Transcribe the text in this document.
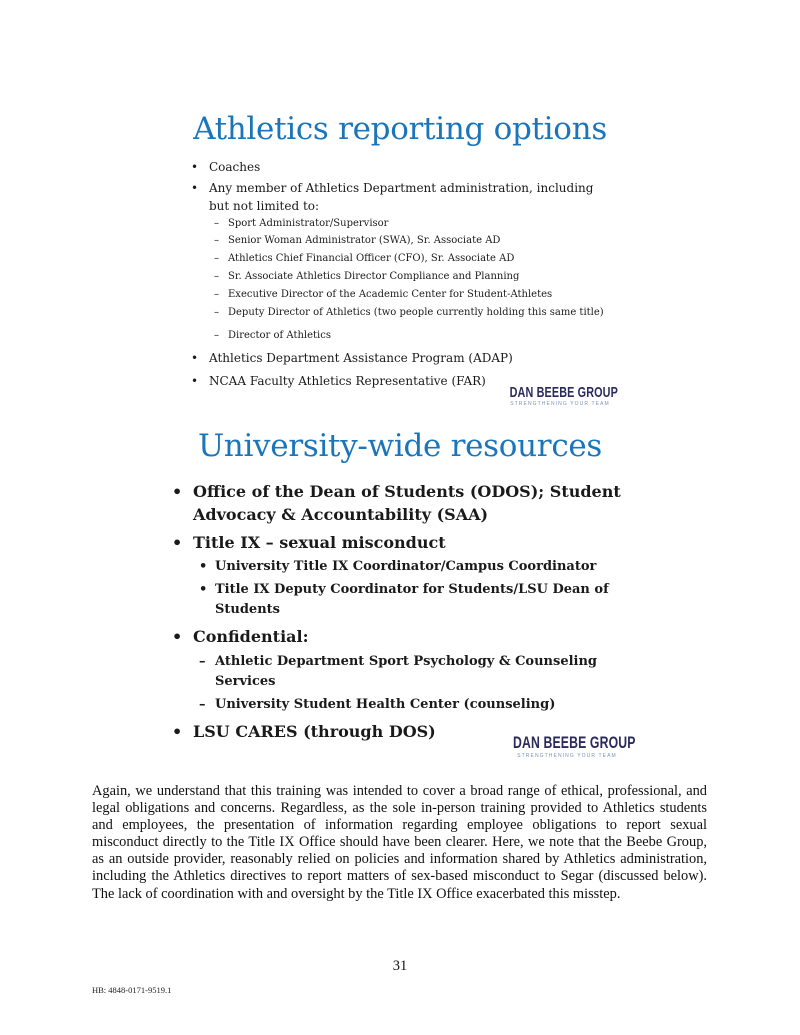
Athletics reporting options
• Coaches
• Any member of Athletics Department administration, including
but not limited to:
– Sport Administrator/Supervisor
– Senior Woman Administrator (SWA), Sr. Associate AD
– Athletics Chief Financial Officer (CFO), Sr. Associate AD
– Sr. Associate Athletics Director Compliance and Planning
– Executive Director of the Academic Center for Student-Athletes
– Deputy Director of Athletics (two people currently holding this same title)
– Director of Athletics
• Athletics Department Assistance Program (ADAP)
• NCAA Faculty Athletics Representative (FAR)
DAN BEEBE GROUP
STRENGTHENING YOUR TEAM
University-wide resources
• Office of the Dean of Students (ODOS); Student
Advocacy & Accountability (SAA)
• Title IX – sexual misconduct
• University Title IX Coordinator/Campus Coordinator
• Title IX Deputy Coordinator for Students/LSU Dean of
Students
• Confidential:
– Athletic Department Sport Psychology & Counseling
Services
– University Student Health Center (counseling)
• LSU CARES (through DOS)
DAN BEEBE GROUP
STRENGTHENING YOUR TEAM

Again, we understand that this training was intended to cover a broad range of ethical, professional, and legal obligations and concerns. Regardless, as the sole in-person training provided to Athletics students and employees, the presentation of information regarding employee obligations to report sexual misconduct directly to the Title IX Office should have been clearer. Here, we note that the Beebe Group, as an outside provider, reasonably relied on policies and information shared by Athletics administration, including the Athletics directives to report matters of sex-based misconduct to Segar (discussed below). The lack of coordination with and oversight by the Title IX Office exacerbated this misstep.

31
HB: 4848-0171-9519.1
